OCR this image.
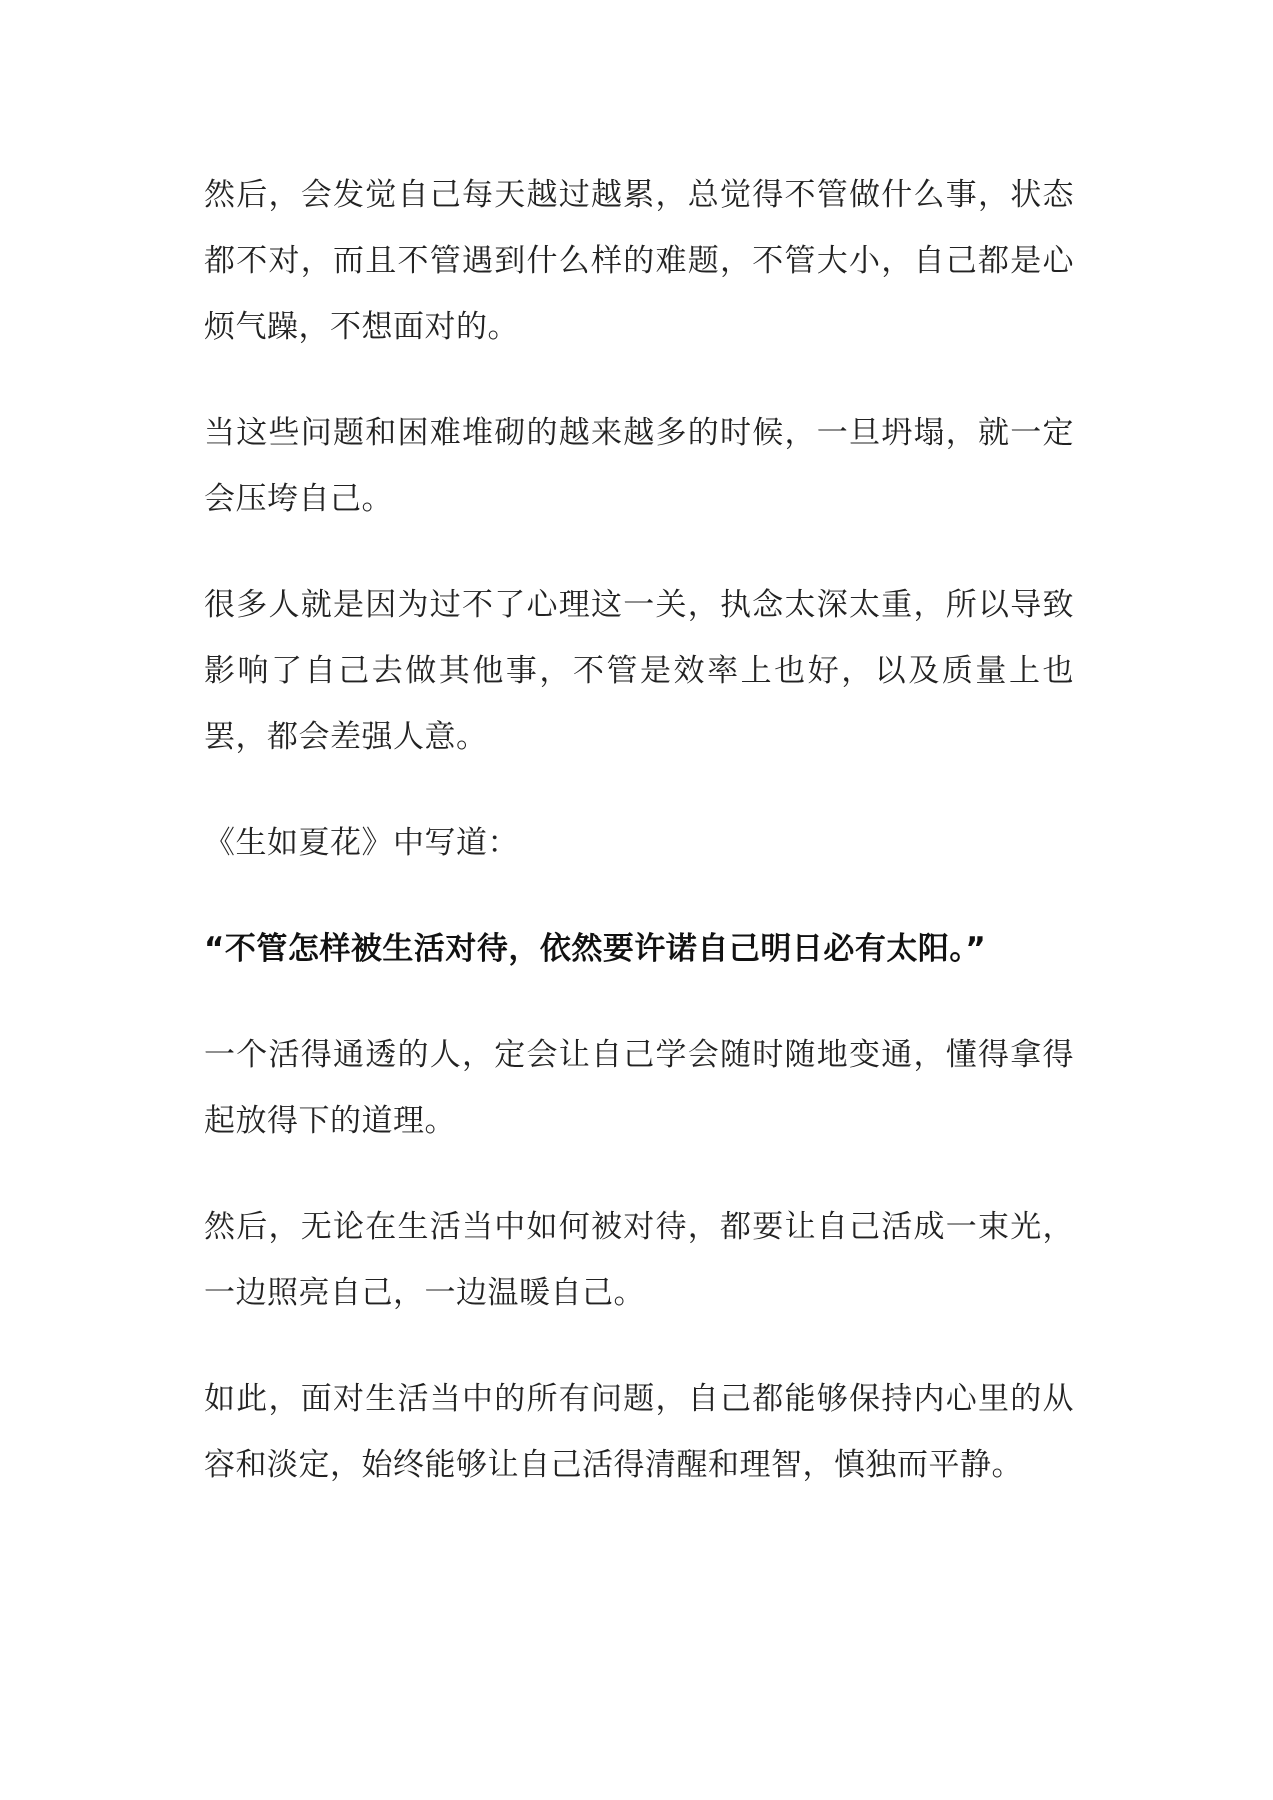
然后，会发觉自己每天越过越累，总觉得不管做什么事，状态都不对，而且不管遇到什么样的难题，不管大小，自己都是心烦气躁，不想面对的。

当这些问题和困难堆砌的越来越多的时候，一旦坍塌，就一定会压垮自己。

很多人就是因为过不了心理这一关，执念太深太重，所以导致影响了自己去做其他事，不管是效率上也好，以及质量上也罢，都会差强人意。

《生如夏花》中写道：

“不管怎样被生活对待，依然要许诺自己明日必有太阳。”

一个活得通透的人，定会让自己学会随时随地变通，懂得拿得起放得下的道理。

然后，无论在生活当中如何被对待，都要让自己活成一束光，一边照亮自己，一边温暖自己。

如此，面对生活当中的所有问题，自己都能够保持内心里的从容和淡定，始终能够让自己活得清醒和理智，慎独而平静。
